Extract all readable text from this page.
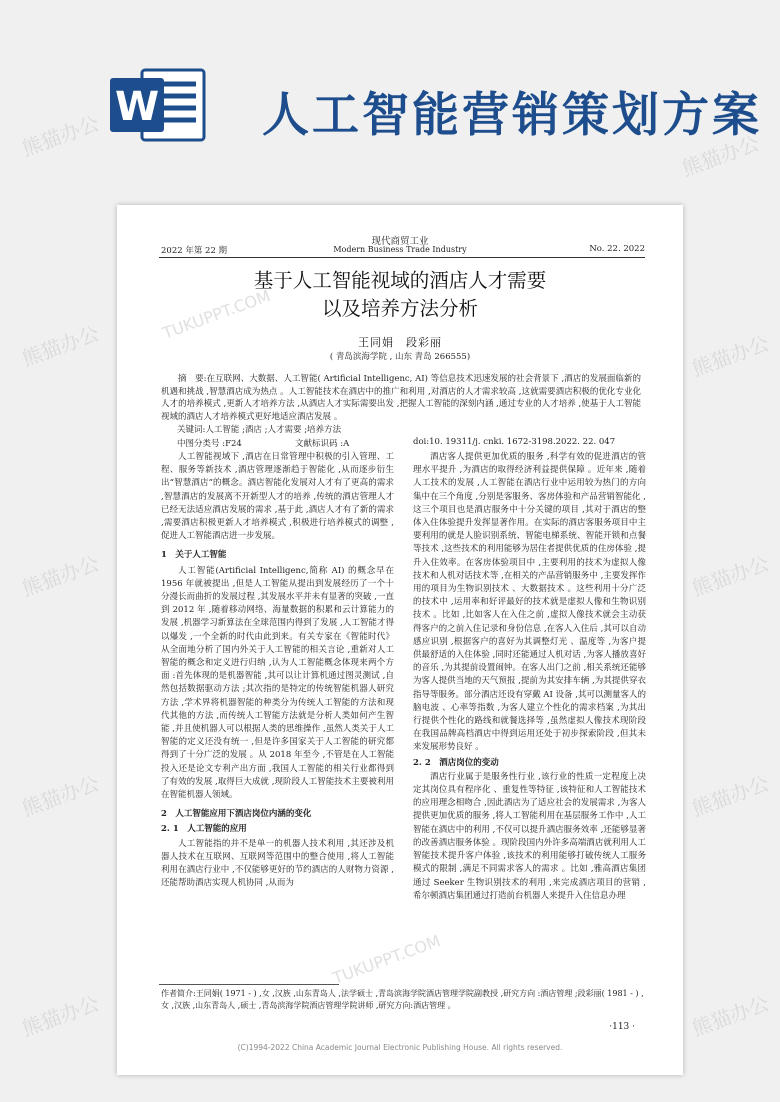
W 人工智能营销策划方案
现代商贸工业
Modern Business Trade Industry
2022 年第 22 期	No. 22. 2022
基于人工智能视域的酒店人才需要
以及培养方法分析
王同娟　段彩丽
( 青岛滨海学院 , 山东 青岛 266555)
摘　要:在互联网、大数据、人工智能( Artificial Intelligenc, AI) 等信息技术迅速发展的社会背景下 ,酒店的发展面临新的机遇和挑战 ,智慧酒店成为热点 。人工智能技术在酒店中的推广和利用 ,对酒店的人才需求较高 ,这就需要酒店积极的优化专业化人才的培养模式 ,更新人才培养方法 ,从酒店人才实际需要出发 ,把握人工智能的深刻内涵 ,通过专业的人才培养 ,使基于人工智能视域的酒店人才培养模式更好地适应酒店发展 。
关键词:人工智能 ;酒店 ;人才需要 ;培养方法
中图分类号 :F24	文献标识码 :A	doi:10. 19311/j. cnki. 1672-3198.2022. 22. 047

人工智能视域下 ,酒店在日常管理中积极的引入管理、工程、服务等新技术 ,酒店管理逐渐趋于智能化 ,从而逐步衍生出“智慧酒店”的概念。酒店智能化发展对人才有了更高的需求 ,智慧酒店的发展离不开新型人才的培养 ,传统的酒店管理人才已经无法适应酒店发展的需求 ,基于此 ,酒店人才有了新的需求 ,需要酒店积极更新人才培养模式 ,积极进行培养模式的调整 ,促进人工智能酒店进一步发展。

1　关于人工智能

人工智能(Artificial Intelligenc,简称 AI) 的概念早在 1956 年就被提出 ,但是人工智能从提出到发展经历了一个十分漫长而曲折的发展过程 ,其发展水平并未有显著的突破 ,一直到 2012 年 ,随着移动网络、海量数据的积累和云计算能力的发展 ,机器学习新算法在全球范围内得到了发展 ,人工智能才得以爆发 ,一个全新的时代由此到来。有关专家在《智能时代》从全面地分析了国内外关于人工智能的相关言论 ,重新对人工智能的概念和定义进行归纳 ,认为人工智能概念体现来两个方面 :首先体现的是机器智能 ,其可以让计算机通过图灵测试 ,自然包括数据驱动方法 ;其次指的是特定的传统智能机器人研究方法 ,学术界将机器智能的种类分为传统人工智能的方法和现代其他的方法 ,而传统人工智能方法就是分析人类如何产生智能 ,并且使机器人可以根据人类的思维操作 ,虽然人类关于人工智能的定义还没有统一 ,但是许多国家关于人工智能的研究都得到了十分广泛的发展 。从 2018 年至今 ,不管是在人工智能投入还是论文专利产出方面 ,我国人工智能的相关行业都得到了有效的发展 ,取得巨大成就 ,现阶段人工智能技术主要被利用在智能机器人领域。

2　人工智能应用下酒店岗位内涵的变化

2. 1　人工智能的应用

人工智能指的并不是单一的机器人技术利用 ,其还涉及机器人技术在互联网、互联网等范围中的整合使用 ,将人工智能利用在酒店行业中 ,不仅能够更好的节约酒店的人财物力资源 ,还能帮助酒店实现人机协同 ,从而为

酒店客人提供更加优质的服务 ,科学有效的促进酒店的管理水平提升 ,为酒店的取得经济利益提供保障 。近年来 ,随着人工技术的发展 ,人工智能在酒店行业中运用较为热门的方向集中在三个角度 ,分别是客服务、客房体验和产品营销智能化 ,这三个项目也是酒店服务中十分关键的项目 ,其对于酒店的整体入住体验提升发挥显著作用。在实际的酒店客服务项目中主要利用的就是人脸识别系统、智能电梯系统、智能开锁和点餐等技术 ,这些技术的利用能够为居住者提供优质的住房体验 ,提升入住效率。在客房体验项目中 ,主要利用的技术为虚拟人像技术和人机对话技术等 ,在相关的产品营销服务中 ,主要发挥作用的项目为生物识别技术 、大数据技术 。这些利用十分广泛的技术中 ,运用率和好评最好的技术就是虚拟人像和生物识别技术 。比如 ,比如客人在入住之前 ,虚拟人像技术就会主动获得客户的之前入住记录和身份信息 ,在客人入住后 ,其可以自动感应识别 ,根据客户的喜好为其调整灯光 、温度等 ,为客户提供最舒适的入住体验 ,同时还能通过人机对话 ,为客人播放喜好的音乐 ,为其提前设置闹钟。在客人出门之前 ,相关系统还能够为客人提供当地的天气预报 ,提前为其安排车辆 ,为其提供穿衣指导等服务。部分酒店还设有穿戴 AI 设备 ,其可以测量客人的脑电波 、心率等指数 ,为客人建立个性化的需求档案 ,为其出行提供个性化的路线和就餐选择等 ,虽然虚拟人像技术现阶段在我国品牌高档酒店中得到运用还处于初步探索阶段 ,但其未来发展形势良好 。

2. 2　酒店岗位的变动

酒店行业属于是服务性行业 ,该行业的性质一定程度上决定其岗位具有程序化 、重复性等特征 ,该特征和人工智能技术的应用理念相吻合 ,因此酒店为了适应社会的发展需求 ,为客人提供更加优质的服务 ,将人工智能利用在基层服务工作中 ,人工智能在酒店中的利用 ,不仅可以提升酒店服务效率 ,还能够显著的改善酒店服务体验 。现阶段国内外许多高端酒店就利用人工智能技术提升客户体验 ,该技术的利用能够打破传统人工服务模式的限制 ,满足不同需求客人的需求 。比如 ,雅高酒店集团通过 Seeker 生物识别技术的利用 ,来完成酒店项目的营销 ,希尔顿酒店集团通过打造前台机器人来提升入住信息办理

作者简介:王同娟( 1971 - ) ,女 ,汉族 ,山东青岛人 ,法学硕士 ,青岛滨海学院酒店管理学院副教授 ,研究方向 :酒店管理 ;段彩丽( 1981 - ) ,女 ,汉族 ,山东青岛人 ,硕士 ,青岛滨海学院酒店管理学院讲师 ,研究方向:酒店管理 。
·113 ·
(C)1994-2022 China Academic Journal Electronic Publishing House. All rights reserved.
熊猫办公	熊猫办公
熊猫办公	熊猫办公
熊猫办公	熊猫办公
熊猫办公	熊猫办公
熊猫办公	熊猫办公
TUKUPPT.COM
TUKUPPT.COM
